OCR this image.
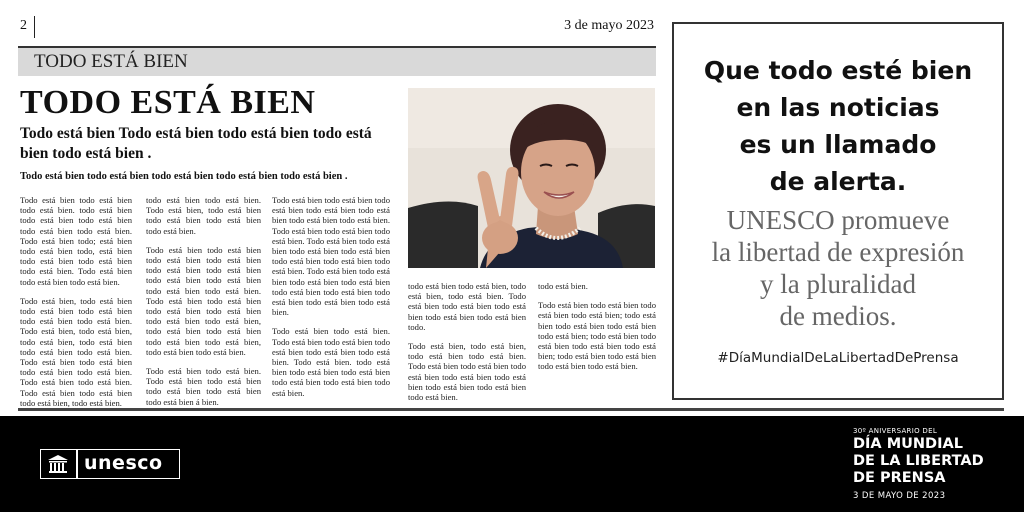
2	3 de mayo 2023
TODO ESTÁ BIEN
TODO ESTÁ BIEN
Todo está bien Todo está bien todo está bien todo está bien todo está bien .
Todo está bien todo está bien todo está bien todo está bien todo está bien .

Todo está bien todo está bien todo está bien. todo está bien todo está bien todo está bien todo está bien todo está bien. Todo está bien todo; está bien todo está bien todo, está bien todo está bien todo está bien todo está bien. Todo está bien todo está bien todo está bien.

Todo está bien, todo está bien todo está bien todo está bien todo está bien todo está bien. Todo está bien, todo está bien, todo está bien, todo está bien todo está bien todo está bien. Todo está bien todo está bien todo está bien todo está bien. Todo está bien todo está bien. Todo está bien todo está bien todo está bien, todo está bien.

todo está bien todo está bien. Todo está bien, todo está bien todo está bien todo está bien todo está bien.

Todo está bien todo está bien todo está bien todo está bien todo está bien todo está bien todo está bien todo está bien todo está bien todo está bien. Todo está bien todo está bien todo está bien todo está bien todo está bien todo está bien, todo está bien todo está bien todo está bien todo está bien, todo está bien todo está bien.

Todo está bien todo está bien. Todo está bien todo está bien todo está bien todo está bien todo está bien á bien.

Todo está bien todo está bien todo está bien todo está bien todo está bien todo está bien todo está bien. Todo está bien todo está bien todo está bien. Todo está bien todo está bien todo está bien todo está bien todo está bien todo está bien todo está bien. Todo está bien todo está bien todo está bien todo está bien todo está bien todo está bien todo está bien todo está bien todo está bien.

Todo está bien todo está bien. Todo está bien todo está bien todo está bien todo está bien todo está bien. Todo está bien. todo está bien todo está bien todo está bien todo está bien todo está bien todo está bien.

todo está bien todo está bien, todo está bien, todo está bien. Todo está bien todo está bien todo está bien todo está bien todo está bien todo.

Todo está bien, todo está bien, todo está bien todo está bien. Todo está bien todo está bien todo está bien todo está bien todo está bien todo está bien todo está bien todo está bien.

todo está bien.

Todo está bien todo está bien todo está bien todo está bien; todo está bien todo está bien todo está bien todo está bien; todo está bien todo está bien todo está bien todo está bien; todo está bien todo está bien todo está bien todo está bien.

Que todo esté bien
en las noticias
es un llamado
de alerta.
UNESCO promueve
la libertad de expresión
y la pluralidad
de medios.
#DíaMundialDeLaLibertadDePrensa
unesco
30º ANIVERSARIO DEL
DÍA MUNDIAL
DE LA LIBERTAD
DE PRENSA
3 DE MAYO DE 2023
